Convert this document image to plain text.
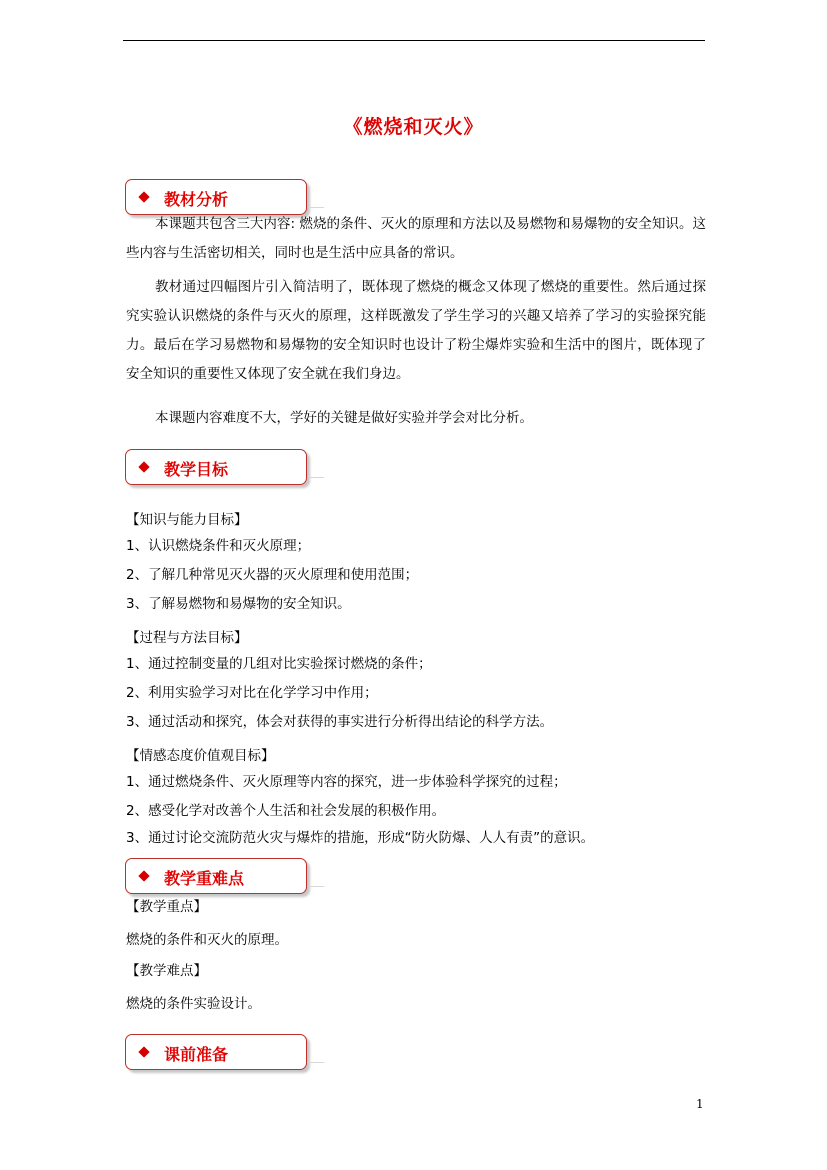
《燃烧和灭火》
教材分析
本课题共包含三大内容: 燃烧的条件、灭火的原理和方法以及易燃物和易爆物的安全知识。这些内容与生活密切相关，同时也是生活中应具备的常识。
教材通过四幅图片引入简洁明了，既体现了燃烧的概念又体现了燃烧的重要性。然后通过探究实验认识燃烧的条件与灭火的原理，这样既激发了学生学习的兴趣又培养了学习的实验探究能力。最后在学习易燃物和易爆物的安全知识时也设计了粉尘爆炸实验和生活中的图片，既体现了安全知识的重要性又体现了安全就在我们身边。
本课题内容难度不大，学好的关键是做好实验并学会对比分析。
教学目标
【知识与能力目标】
1、认识燃烧条件和灭火原理；
2、了解几种常见灭火器的灭火原理和使用范围；
3、了解易燃物和易爆物的安全知识。
【过程与方法目标】
1、通过控制变量的几组对比实验探讨燃烧的条件；
2、利用实验学习对比在化学学习中作用；
3、通过活动和探究，体会对获得的事实进行分析得出结论的科学方法。
【情感态度价值观目标】
1、通过燃烧条件、灭火原理等内容的探究，进一步体验科学探究的过程；
2、感受化学对改善个人生活和社会发展的积极作用。
3、通过讨论交流防范火灾与爆炸的措施，形成“防火防爆、人人有责”的意识。
教学重难点
【教学重点】
燃烧的条件和灭火的原理。
【教学难点】
燃烧的条件实验设计。
课前准备
1
